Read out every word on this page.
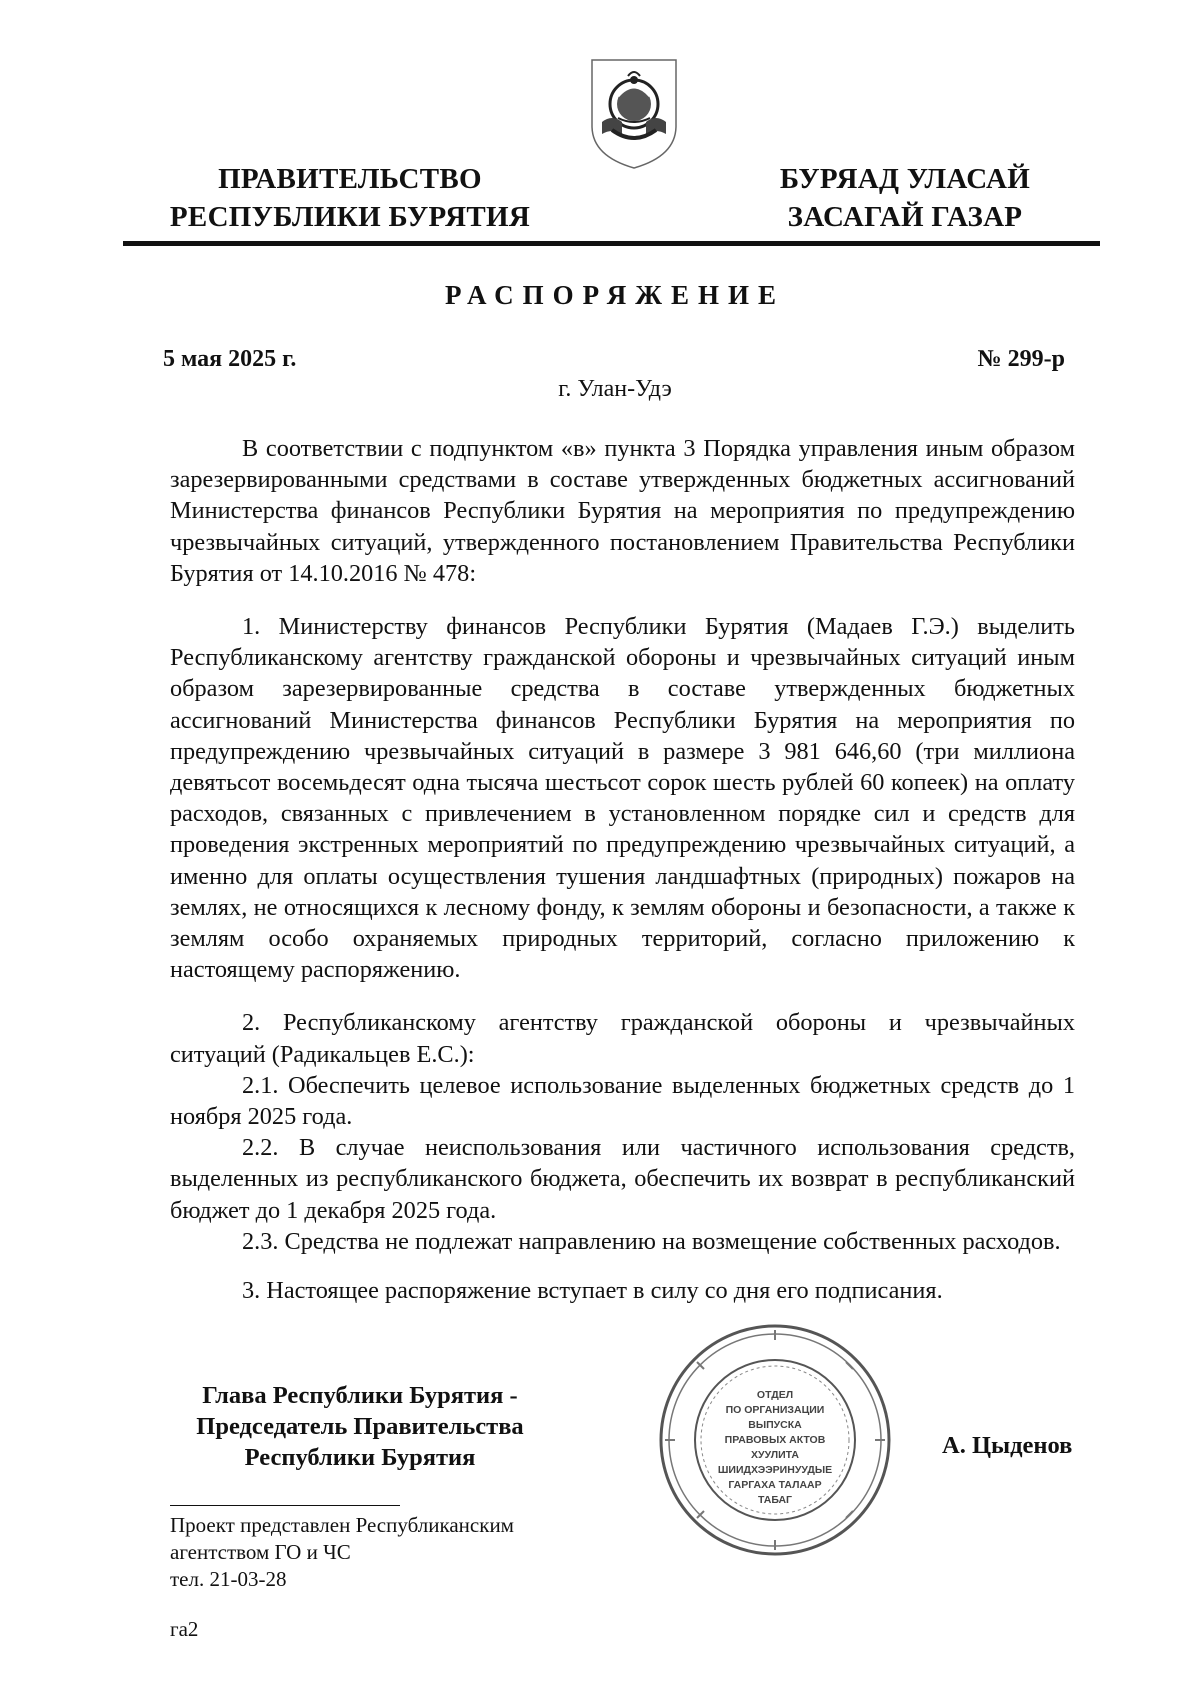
ПРАВИТЕЛЬСТВО
РЕСПУБЛИКИ БУРЯТИЯ
БУРЯАД УЛАСАЙ
ЗАСАГАЙ ГАЗАР
РАСПОРЯЖЕНИЕ
5 мая 2025 г.	№ 299-р
г. Улан-Удэ

В соответствии с подпунктом «в» пункта 3 Порядка управления иным образом зарезервированными средствами в составе утвержденных бюджетных ассигнований Министерства финансов Республики Бурятия на мероприятия по предупреждению чрезвычайных ситуаций, утвержденного постановлением Правительства Республики Бурятия от 14.10.2016 № 478:

1. Министерству финансов Республики Бурятия (Мадаев Г.Э.) выделить Республиканскому агентству гражданской обороны и чрезвычайных ситуаций иным образом зарезервированные средства в составе утвержденных бюджетных ассигнований Министерства финансов Республики Бурятия на мероприятия по предупреждению чрезвычайных ситуаций в размере 3 981 646,60 (три миллиона девятьсот восемьдесят одна тысяча шестьсот сорок шесть рублей 60 копеек) на оплату расходов, связанных с привлечением в установленном порядке сил и средств для проведения экстренных мероприятий по предупреждению чрезвычайных ситуаций, а именно для оплаты осуществления тушения ландшафтных (природных) пожаров на землях, не относящихся к лесному фонду, к землям обороны и безопасности, а также к землям особо охраняемых природных территорий, согласно приложению к настоящему распоряжению.

2. Республиканскому агентству гражданской обороны и чрезвычайных ситуаций (Радикальцев Е.С.):

2.1. Обеспечить целевое использование выделенных бюджетных средств до 1 ноября 2025 года.

2.2. В случае неиспользования или частичного использования средств, выделенных из республиканского бюджета, обеспечить их возврат в республиканский бюджет до 1 декабря 2025 года.

2.3. Средства не подлежат направлению на возмещение собственных расходов.

3. Настоящее распоряжение вступает в силу со дня его подписания.

Глава Республики Бурятия -
Председатель Правительства
Республики Бурятия
ОТДЕЛ
ПО ОРГАНИЗАЦИИ
ВЫПУСКА
ПРАВОВЫХ АКТОВ
ХУУЛИТА
ШИИДХЭЭРИНУУДЫЕ
ГАРГАХА ТАЛААР
ТАБАГ
А. Цыденов
Проект представлен Республиканским
агентством ГО и ЧС
тел. 21-03-28
га2
